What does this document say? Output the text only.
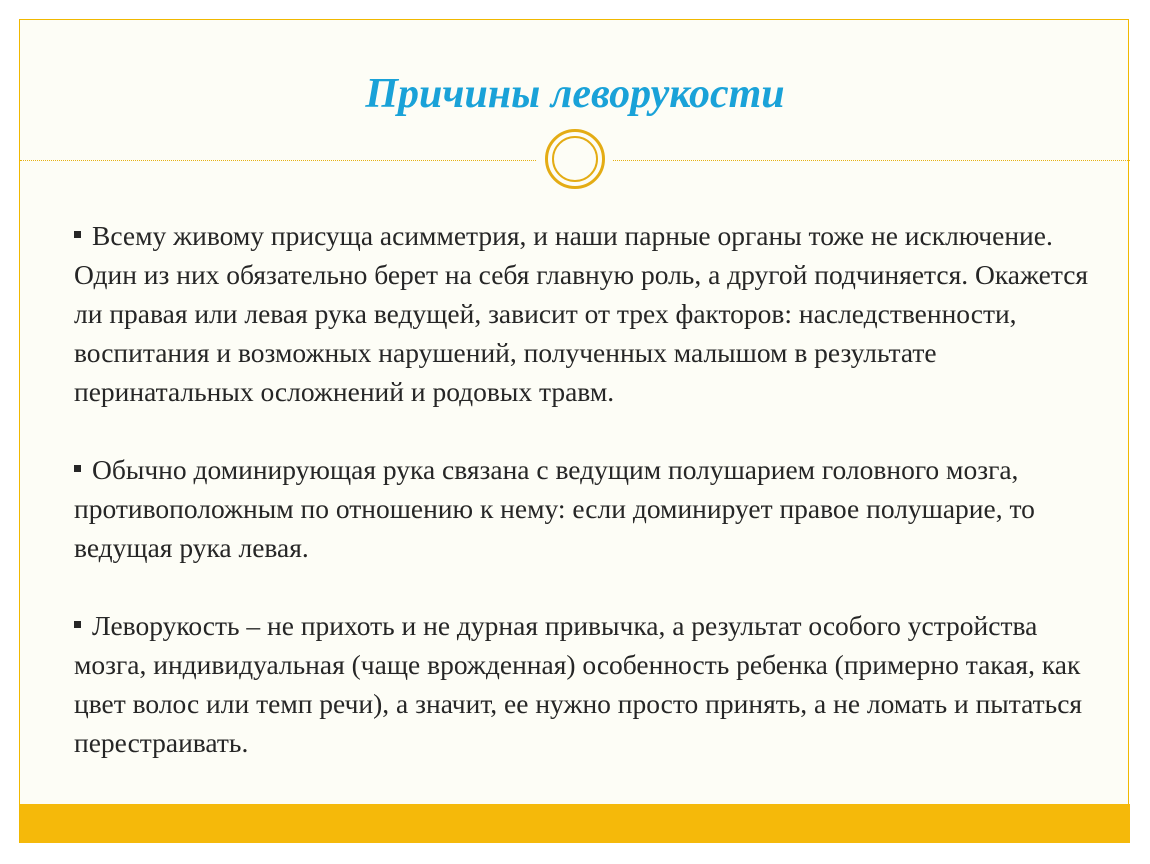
Причины леворукости

Всему живому присуща асимметрия, и наши парные органы тоже не исключение. Один из них обязательно берет на себя главную роль, а другой подчиняется. Окажется ли правая или левая рука ведущей, зависит от трех факторов: наследственности, воспитания и возможных нарушений, полученных малышом в результате перинатальных осложнений и родовых травм.

Обычно доминирующая рука связана с ведущим полушарием головного мозга, противоположным по отношению к нему: если доминирует правое полушарие, то ведущая рука левая.

Леворукость – не прихоть и не дурная привычка, а результат особого устройства мозга, индивидуальная (чаще врожденная) особенность ребенка (примерно такая, как цвет волос или темп речи), а значит, ее нужно просто принять, а не ломать и пытаться перестраивать.
